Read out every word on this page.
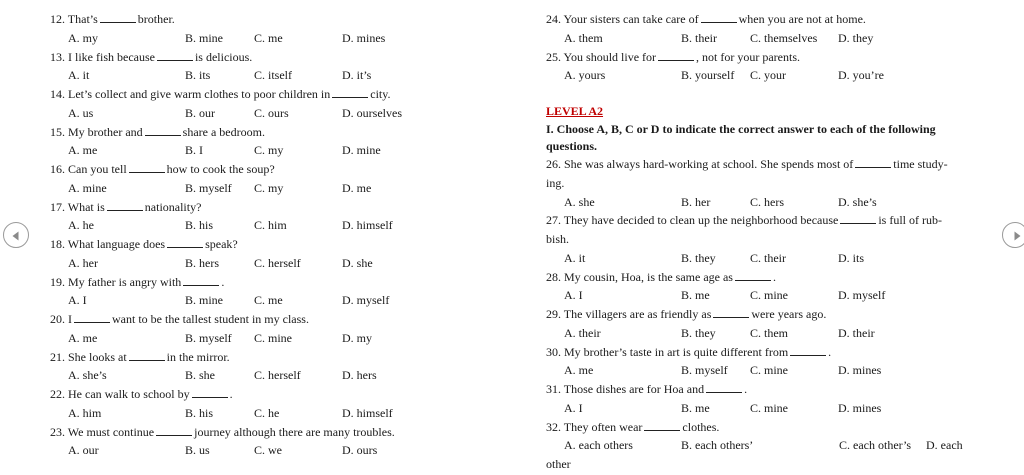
12. That’s	brother.
A. my	B. mine	C. me	D. mines
13. I like fish because	is delicious.
A. it	B. its	C. itself	D. it’s
14. Let’s collect and give warm clothes to poor children in	city.
A. us	B. our	C. ours	D. ourselves
15. My brother and	share a bedroom.
A. me	B. I	C. my	D. mine
16. Can you tell	how to cook the soup?
A. mine	B. myself C. my	D. me
17. What is	nationality?
A. he	B. his	C. him	D. himself
18. What language does	speak?
A. her	B. hers	C. herself	D. she
19. My father is angry with	.
A. I	B. mine	C. me	D. myself
20. I	want to be the tallest student in my class.
A. me	B. myself C. mine	D. my
21. She looks at	in the mirror.
A. she’s	B. she	C. herself	D. hers
22. He can walk to school by	.
A. him	B. his	C. he	D. himself
23. We must continue	journey although there are many troubles.
A. our	B. us	C. we	D. ours
24. Your sisters can take care of	when you are not at home.
A. them	B. their	C. themselves D. they
25. You should live for	, not for your parents.
A. yours	B. yourself C. your	D. you’re
LEVEL A2
I. Choose A, B, C or D to indicate the correct answer to each of the following questions.
26. She was always hard-working at school. She spends most of	time study-
ing.
A. she	B. her	C. hers	D. she’s
27. They have decided to clean up the neighborhood because	is full of rub-
bish.
A. it	B. they	C. their	D. its
28. My cousin, Hoa, is the same age as	.
A. I	B. me	C. mine	D. myself
29. The villagers are as friendly as	were years ago.
A. their	B. they	C. them	D. their
30. My brother’s taste in art is quite different from	.
A. me	B. myself C. mine	D. mines
31. Those dishes are for Hoa and	.
A. I	B. me	C. mine	D. mines
32. They often wear	clothes.
A. each others	B. each others’	C. each other’s D. each
other
